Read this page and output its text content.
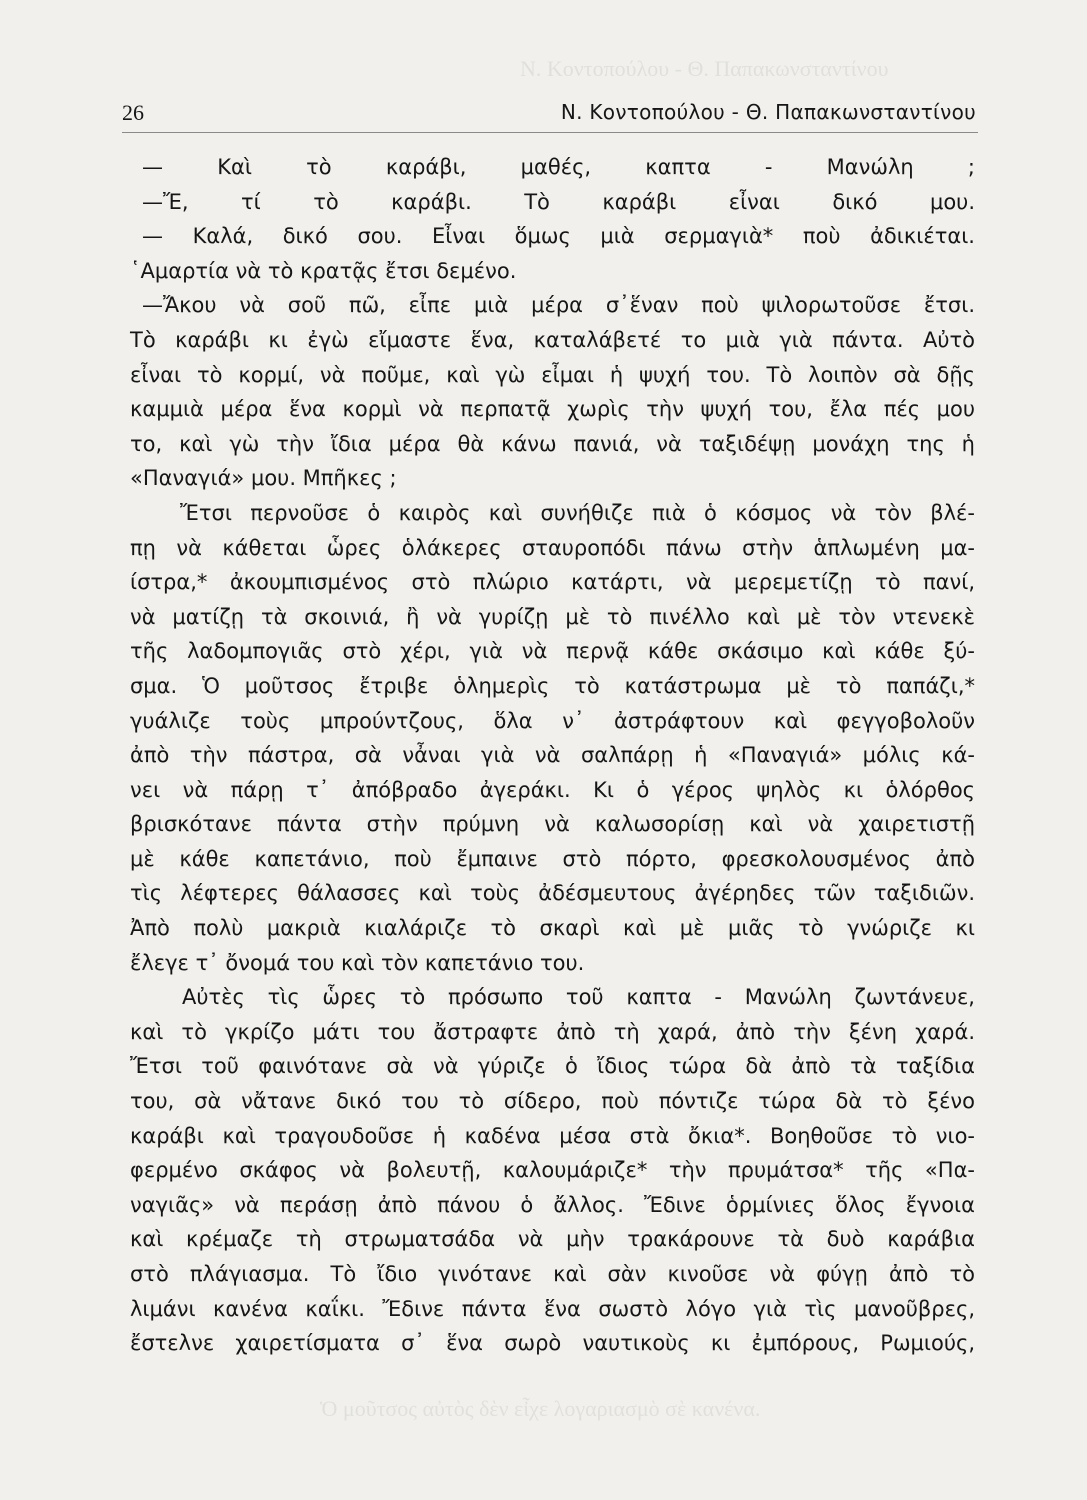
Ν. Κοντοπούλου - Θ. Παπακωνσταντίνου
Ὁ μοῦτσος αὐτὸς δὲν εἶχε λογαριασμὸ σὲ κανένα.
26	Ν. Κοντοπούλου - Θ. Παπακωνσταντίνου
— Καὶ τὸ καράβι, μαθές, καπτα - Μανώλη ;
—Ἔ, τί τὸ καράβι. Τὸ καράβι εἶναι δικό μου.
— Καλά, δικό σου. Εἶναι ὅμως μιὰ σερμαγιὰ* ποὺ ἀδικιέται.
῾Αμαρτία νὰ τὸ κρατᾷς ἔτσι δεμένο.
—Ἄκου νὰ σοῦ πῶ, εἶπε μιὰ μέρα σ᾿ἕναν ποὺ ψιλορωτοῦσε ἔτσι.
Τὸ καράβι κι ἐγὼ εἴμαστε ἕνα, καταλάβετέ το μιὰ γιὰ πάντα. Αὐτὸ
εἶναι τὸ κορμί, νὰ ποῦμε, καὶ γὼ εἶμαι ἡ ψυχή του. Τὸ λοιπὸν σὰ δῇς
καμμιὰ μέρα ἕνα κορμὶ νὰ περπατᾷ χωρὶς τὴν ψυχή του, ἔλα πές μου
το, καὶ γὼ τὴν ἴδια μέρα θὰ κάνω πανιά, νὰ ταξιδέψῃ μονάχη της ἡ
«Παναγιά» μου. Μπῆκες ;
Ἔτσι περνοῦσε ὁ καιρὸς καὶ συνήθιζε πιὰ ὁ κόσμος νὰ τὸν βλέ-
πῃ νὰ κάθεται ὧρες ὁλάκερες σταυροπόδι πάνω στὴν ἁπλωμένη μα-
ίστρα,* ἀκουμπισμένος στὸ πλώριο κατάρτι, νὰ μερεμετίζῃ τὸ πανί,
νὰ ματίζῃ τὰ σκοινιά, ἢ νὰ γυρίζῃ μὲ τὸ πινέλλο καὶ μὲ τὸν ντενεκὲ
τῆς λαδομπογιᾶς στὸ χέρι, γιὰ νὰ περνᾷ κάθε σκάσιμο καὶ κάθε ξύ-
σμα. Ὁ μοῦτσος ἔτριβε ὁλημερὶς τὸ κατάστρωμα μὲ τὸ παπάζι,*
γυάλιζε τοὺς μπρούντζους, ὅλα ν᾿ ἀστράφτουν καὶ φεγγοβολοῦν
ἀπὸ τὴν πάστρα, σὰ νἆναι γιὰ νὰ σαλπάρῃ ἡ «Παναγιά» μόλις κά-
νει νὰ πάρῃ τ᾿ ἀπόβραδο ἀγεράκι. Κι ὁ γέρος ψηλὸς κι ὁλόρθος
βρισκότανε πάντα στὴν πρύμνη νὰ καλωσορίσῃ καὶ νὰ χαιρετιστῇ
μὲ κάθε καπετάνιο, ποὺ ἔμπαινε στὸ πόρτο, φρεσκολουσμένος ἀπὸ
τὶς λέφτερες θάλασσες καὶ τοὺς ἀδέσμευτους ἀγέρηδες τῶν ταξιδιῶν.
Ἀπὸ πολὺ μακριὰ κιαλάριζε τὸ σκαρὶ καὶ μὲ μιᾶς τὸ γνώριζε κι
ἔλεγε τ᾿ ὄνομά του καὶ τὸν καπετάνιο του.
Αὐτὲς τὶς ὧρες τὸ πρόσωπο τοῦ καπτα - Μανώλη ζωντάνευε,
καὶ τὸ γκρίζο μάτι του ἄστραφτε ἀπὸ τὴ χαρά, ἀπὸ τὴν ξένη χαρά.
Ἔτσι τοῦ φαινότανε σὰ νὰ γύριζε ὁ ἴδιος τώρα δὰ ἀπὸ τὰ ταξίδια
του, σὰ νἄτανε δικό του τὸ σίδερο, ποὺ πόντιζε τώρα δὰ τὸ ξένο
καράβι καὶ τραγουδοῦσε ἡ καδένα μέσα στὰ ὄκια*. Βοηθοῦσε τὸ νιο-
φερμένο σκάφος νὰ βολευτῇ, καλουμάριζε* τὴν πρυμάτσα* τῆς «Πα-
ναγιᾶς» νὰ περάσῃ ἀπὸ πάνου ὁ ἄλλος. Ἔδινε ὁρμίνιες ὅλος ἔγνοια
καὶ κρέμαζε τὴ στρωματσάδα νὰ μὴν τρακάρουνε τὰ δυὸ καράβια
στὸ πλάγιασμα. Τὸ ἴδιο γινότανε καὶ σὰν κινοῦσε νὰ φύγῃ ἀπὸ τὸ
λιμάνι κανένα καΐκι. Ἔδινε πάντα ἕνα σωστὸ λόγο γιὰ τὶς μανοῦβρες,
ἔστελνε χαιρετίσματα σ᾿ ἕνα σωρὸ ναυτικοὺς κι ἐμπόρους, Ρωμιούς,
